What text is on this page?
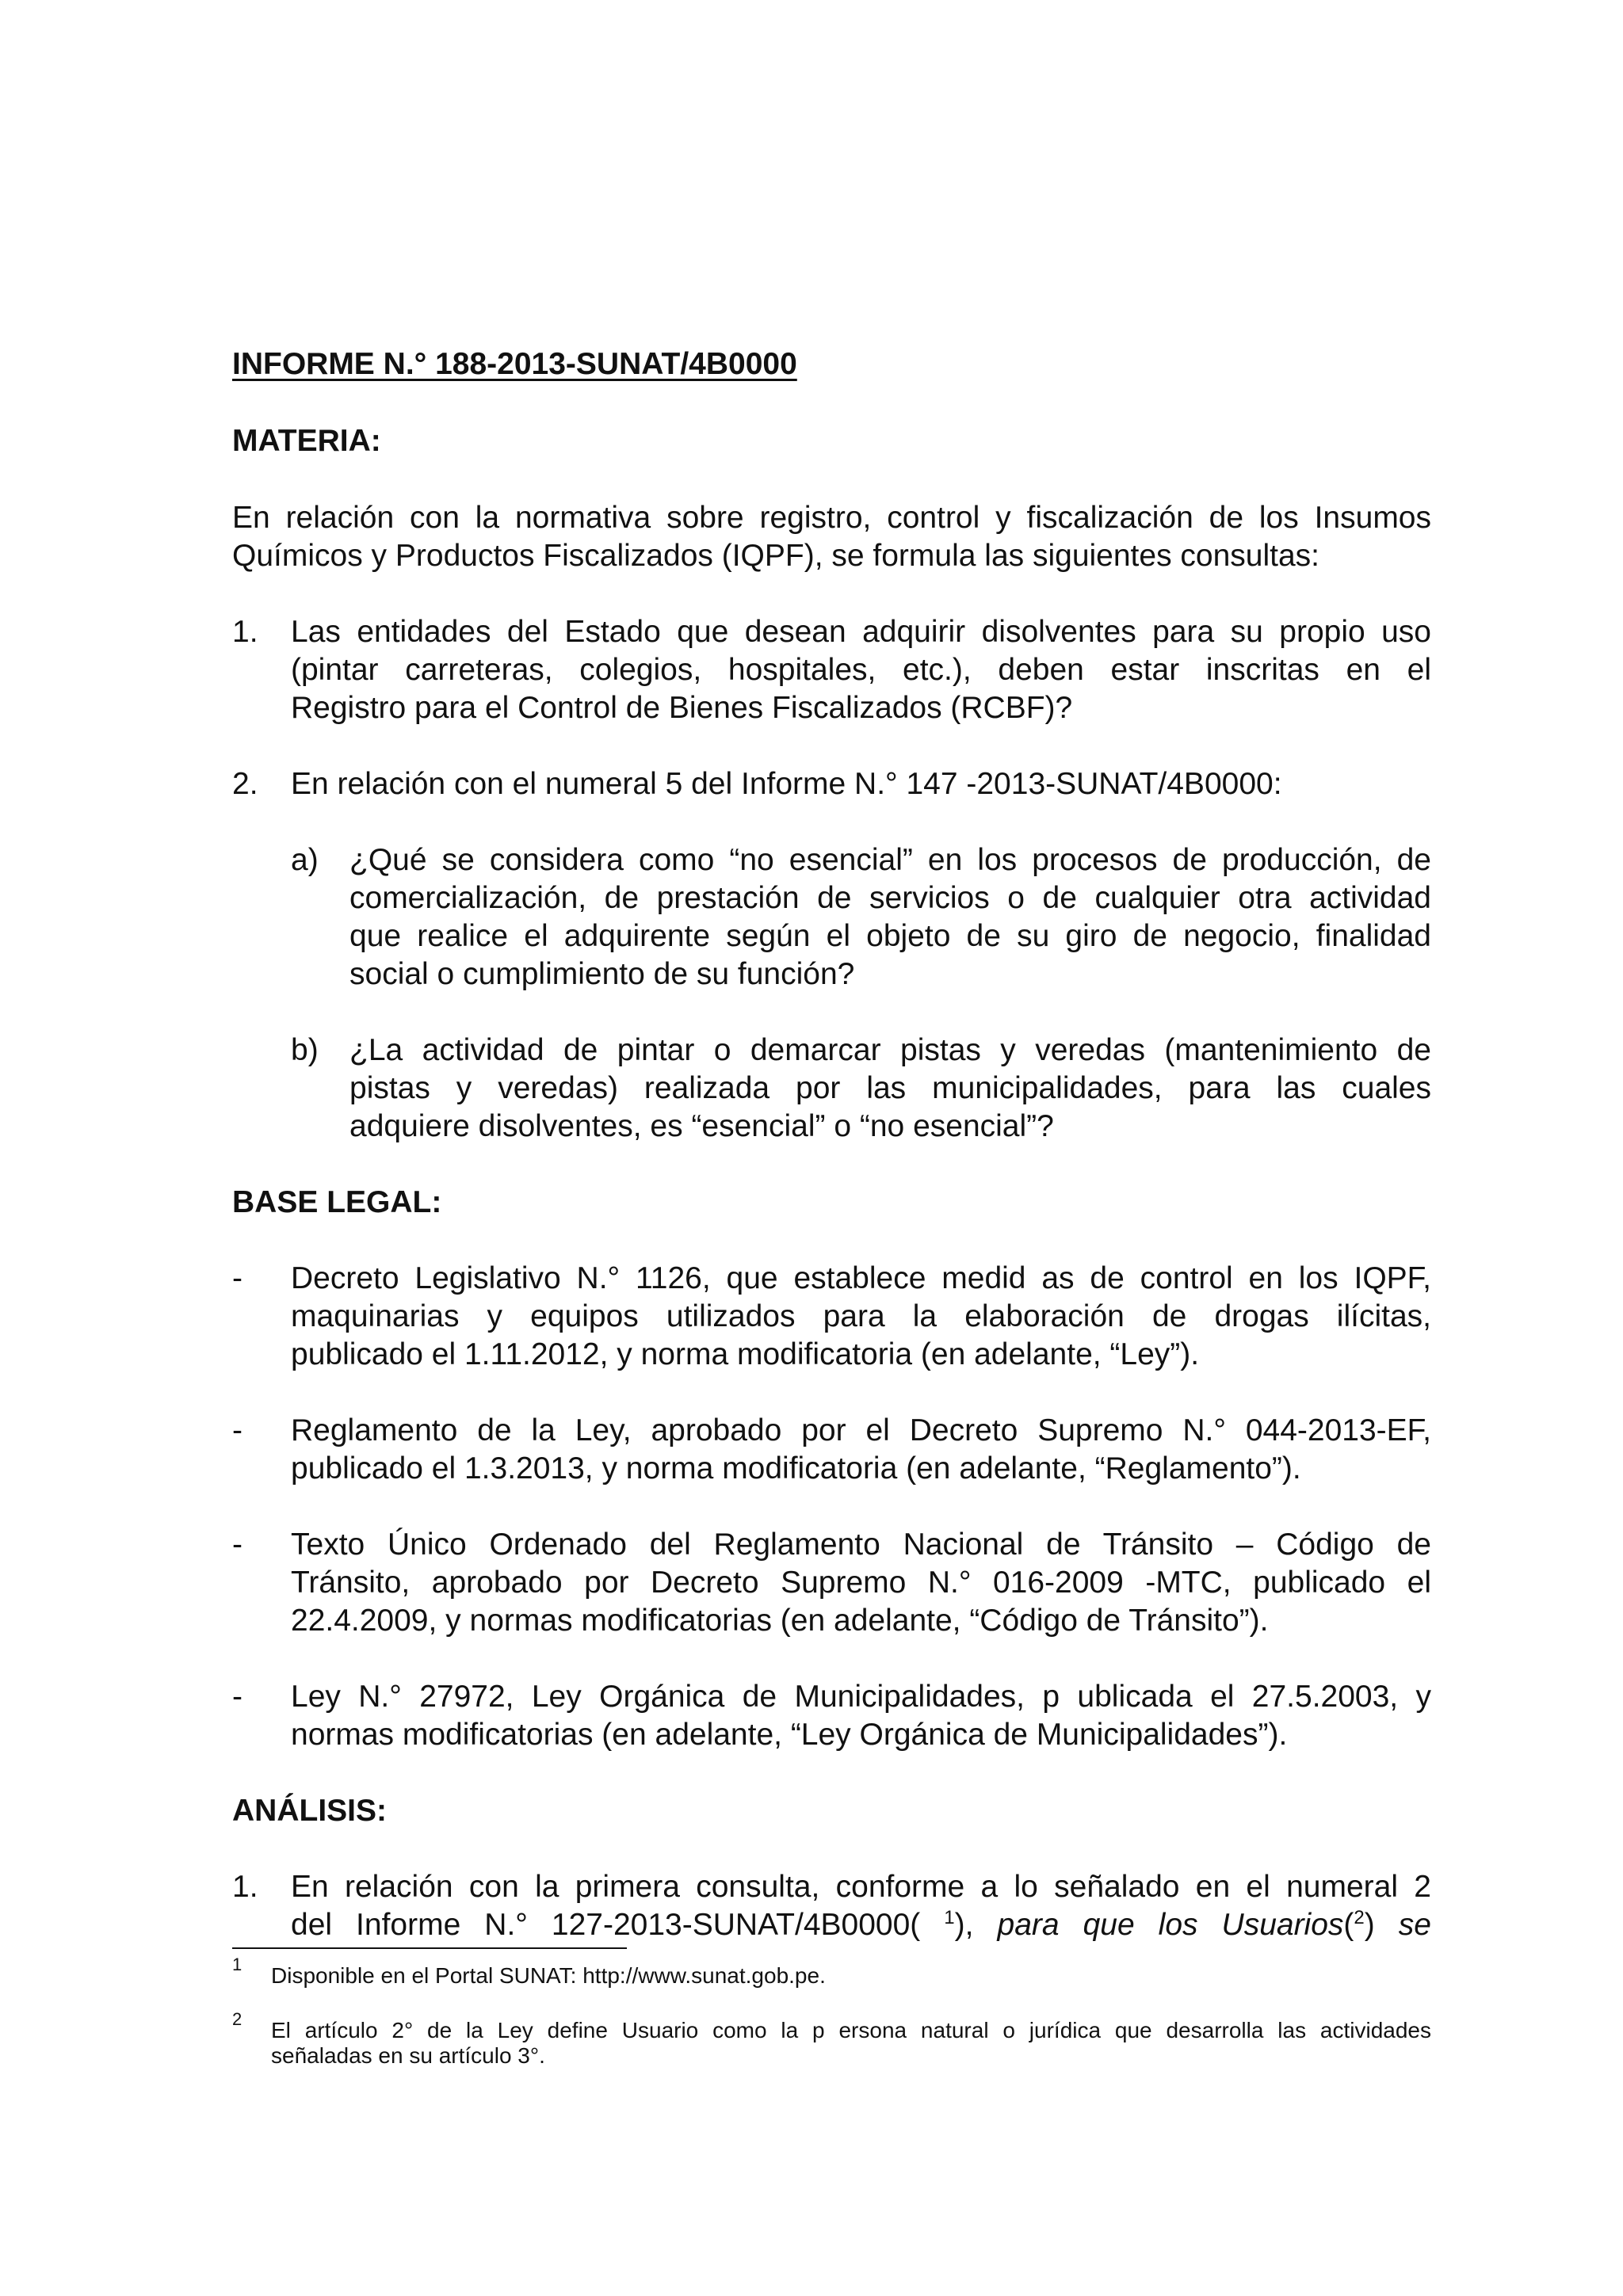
INFORME N.° 188-2013-SUNAT/4B0000
MATERIA:
En relación con la normativa sobre registro, control y fiscalización de los Insumos
Químicos y Productos Fiscalizados (IQPF), se formula las siguientes consultas:
1. Las entidades del Estado que desean adquirir disolventes para su propio uso
(pintar carreteras, colegios, hospitales, etc.), deben estar inscritas en el
Registro para el Control de Bienes Fiscalizados (RCBF)?
2. En relación con el numeral 5 del Informe N.° 147 -2013-SUNAT/4B0000:
a) ¿Qué se considera como “no esencial” en los procesos de producción, de
comercialización, de prestación de servicios o de cualquier otra actividad
que realice el adquirente según el objeto de su giro de negocio, finalidad
social o cumplimiento de su función?
b) ¿La actividad de pintar o demarcar pistas y veredas (mantenimiento de
pistas y veredas) realizada por las municipalidades, para las cuales
adquiere disolventes, es “esencial” o “no esencial”?
BASE LEGAL:
- Decreto Legislativo N.° 1126, que establece medid as de control en los IQPF,
maquinarias y equipos utilizados para la elaboración de drogas ilícitas,
publicado el 1.11.2012, y norma modificatoria (en adelante, “Ley”).
- Reglamento de la Ley, aprobado por el Decreto Supremo N.° 044-2013-EF,
publicado el 1.3.2013, y norma modificatoria (en adelante, “Reglamento”).
- Texto Único Ordenado del Reglamento Nacional de Tránsito – Código de
Tránsito, aprobado por Decreto Supremo N.° 016-2009 -MTC, publicado el
22.4.2009, y normas modificatorias (en adelante, “Código de Tránsito”).
- Ley N.° 27972, Ley Orgánica de Municipalidades, p ublicada el 27.5.2003, y
normas modificatorias (en adelante, “Ley Orgánica de Municipalidades”).
ANÁLISIS:
1. En relación con la primera consulta, conforme a lo señalado en el numeral 2
del Informe N.° 127-2013-SUNAT/4B0000( $^1$), para que los Usuarios($^2$) se
1 Disponible en el Portal SUNAT: http://www.sunat.gob.pe.
2 El artículo 2° de la Ley define Usuario como la p ersona natural o jurídica que desarrolla las actividades
señaladas en su artículo 3°.
